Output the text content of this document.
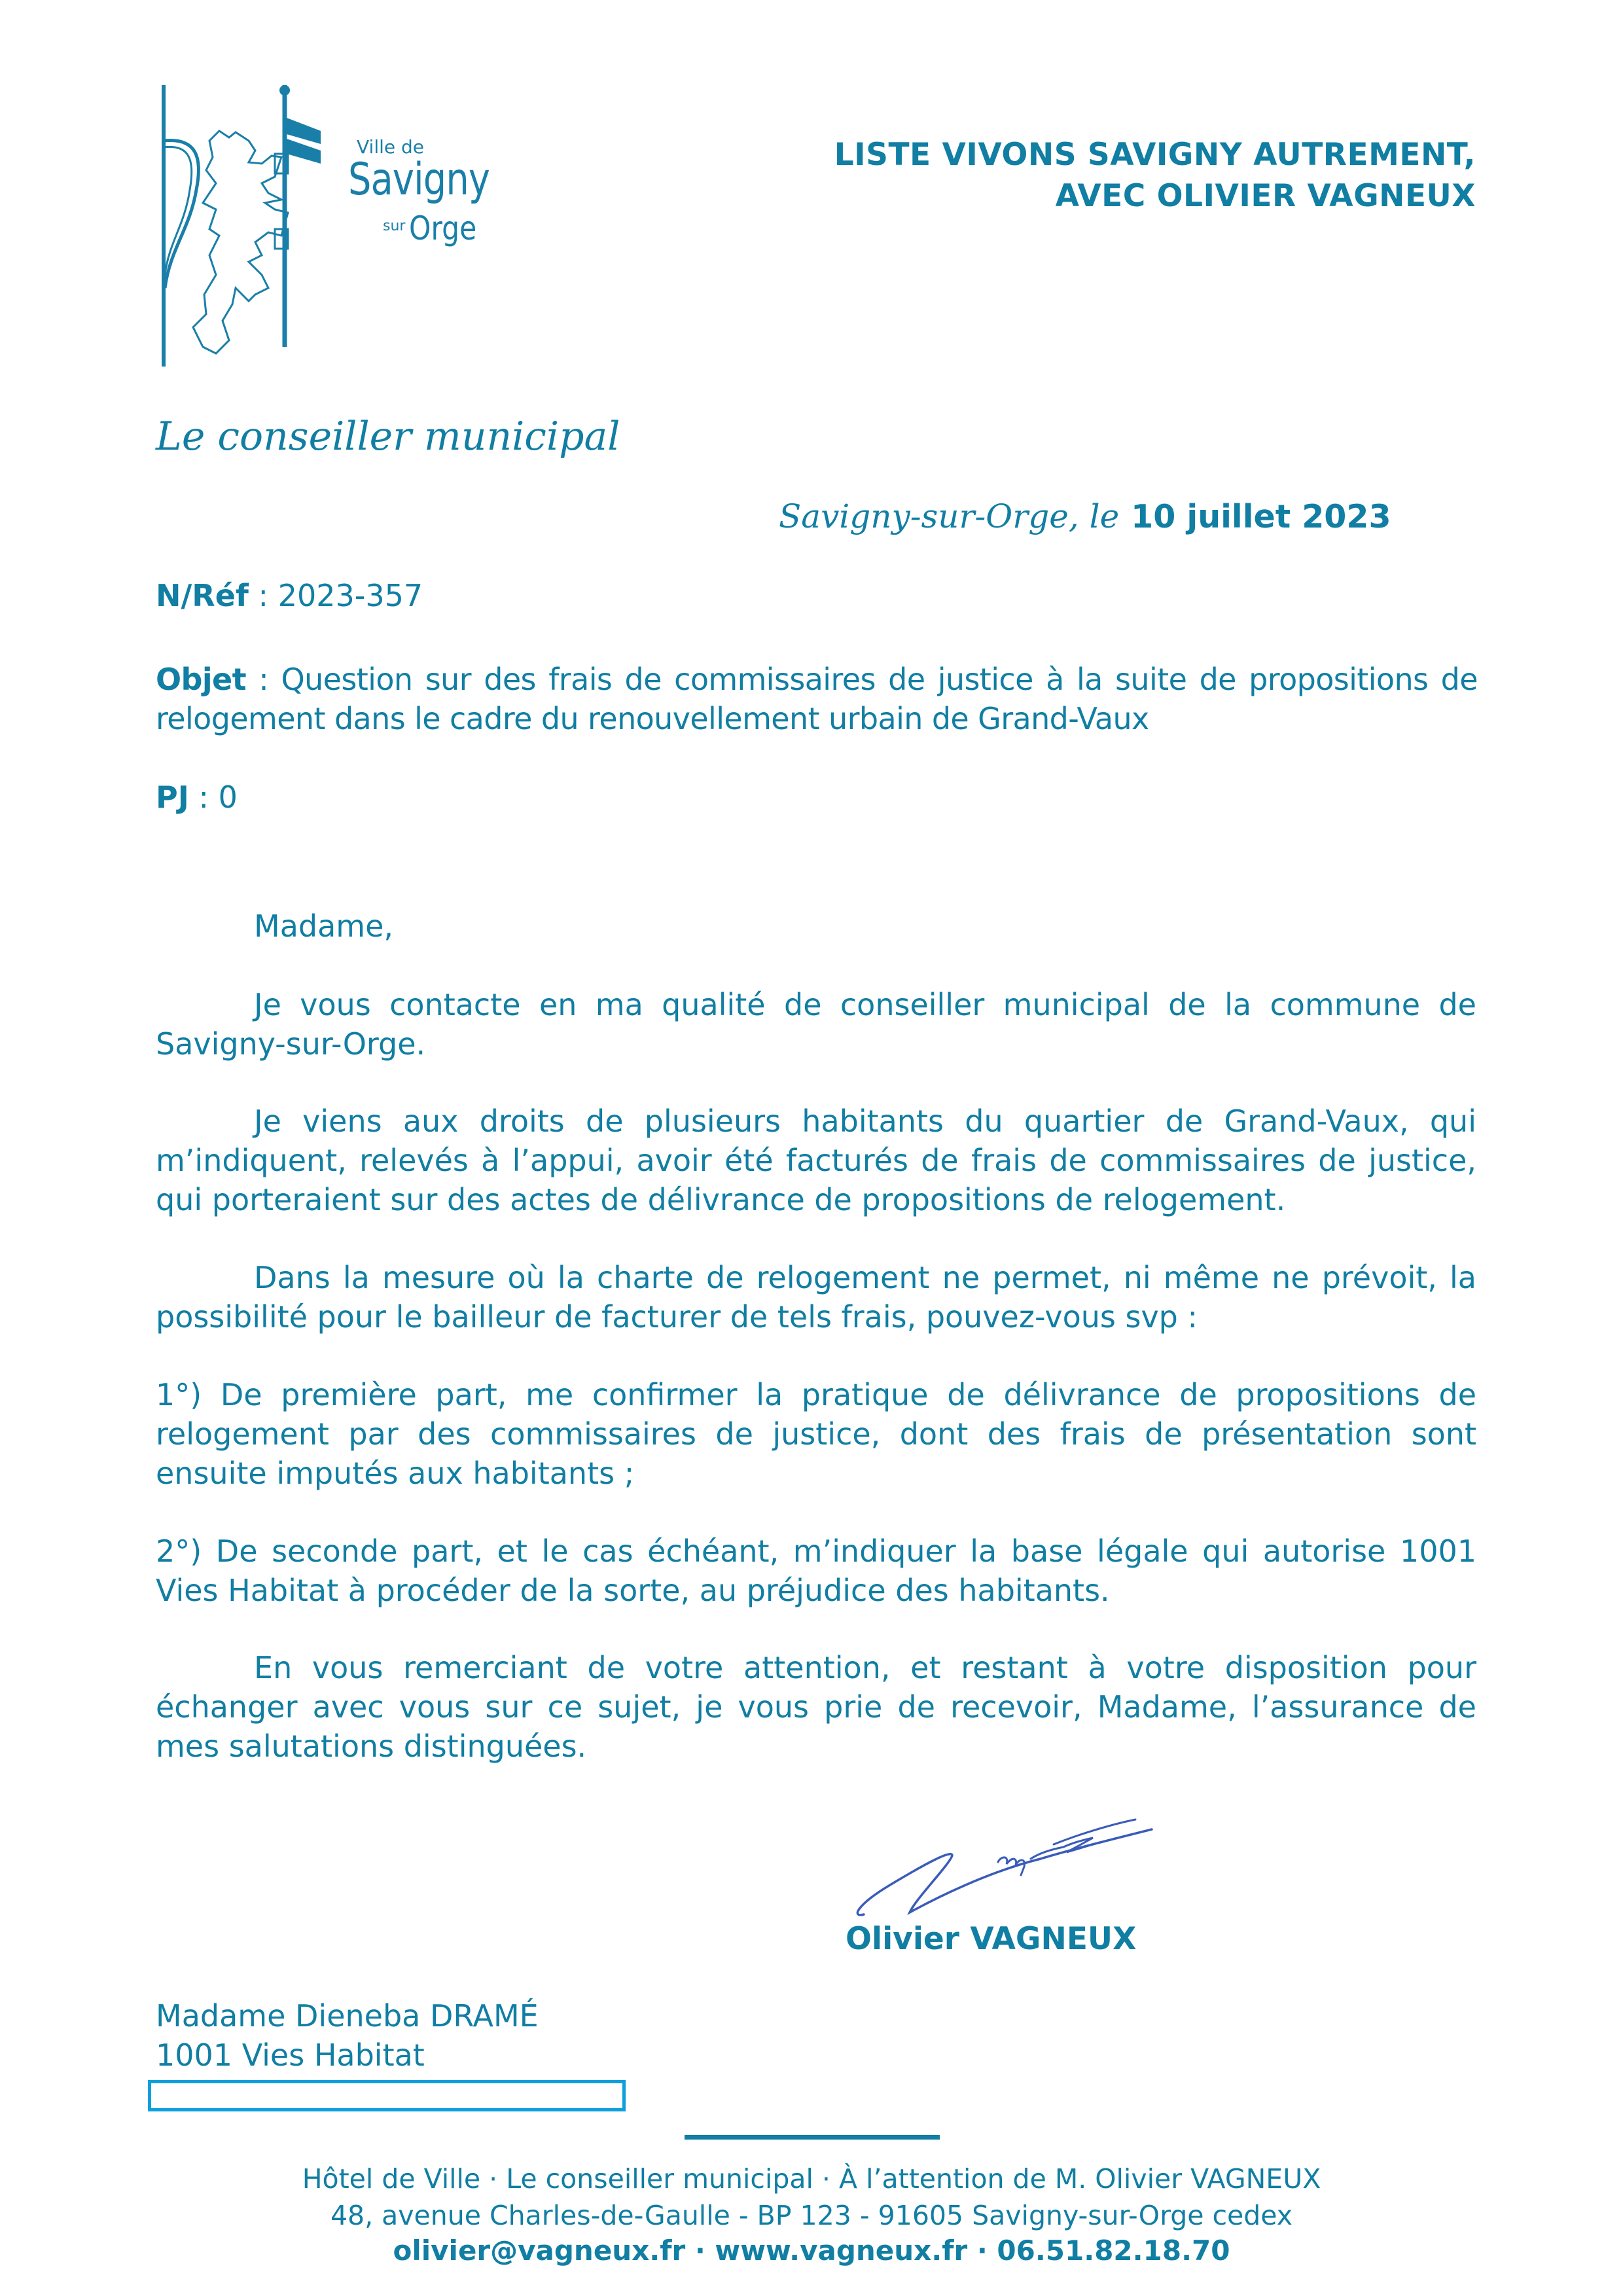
Ville de
Savigny
sur Orge
LISTE VIVONS SAVIGNY AUTREMENT,
AVEC OLIVIER VAGNEUX
Le conseiller municipal
Savigny-sur-Orge, le 10 juillet 2023
N/Réf : 2023-357
Objet : Question sur des frais de commissaires de justice à la suite de propositions de relogement dans le cadre du renouvellement urbain de Grand-Vaux
PJ : 0
Madame,

Je vous contacte en ma qualité de conseiller municipal de la commune de Savigny-sur-Orge.

Je viens aux droits de plusieurs habitants du quartier de Grand-Vaux, qui m’indiquent, relevés à l’appui, avoir été facturés de frais de commissaires de justice, qui porteraient sur des actes de délivrance de propositions de relogement.

Dans la mesure où la charte de relogement ne permet, ni même ne prévoit, la possibilité pour le bailleur de facturer de tels frais, pouvez-vous svp :

1°) De première part, me confirmer la pratique de délivrance de propositions de relogement par des commissaires de justice, dont des frais de présentation sont ensuite imputés aux habitants ;

2°) De seconde part, et le cas échéant, m’indiquer la base légale qui autorise 1001 Vies Habitat à procéder de la sorte, au préjudice des habitants.

En vous remerciant de votre attention, et restant à votre disposition pour échanger avec vous sur ce sujet, je vous prie de recevoir, Madame, l’assurance de mes salutations distinguées.

Olivier VAGNEUX
Madame Dieneba DRAMÉ
1001 Vies Habitat
Hôtel de Ville · Le conseiller municipal · À l’attention de M. Olivier VAGNEUX
48, avenue Charles-de-Gaulle - BP 123 - 91605 Savigny-sur-Orge cedex
olivier@vagneux.fr · www.vagneux.fr · 06.51.82.18.70
